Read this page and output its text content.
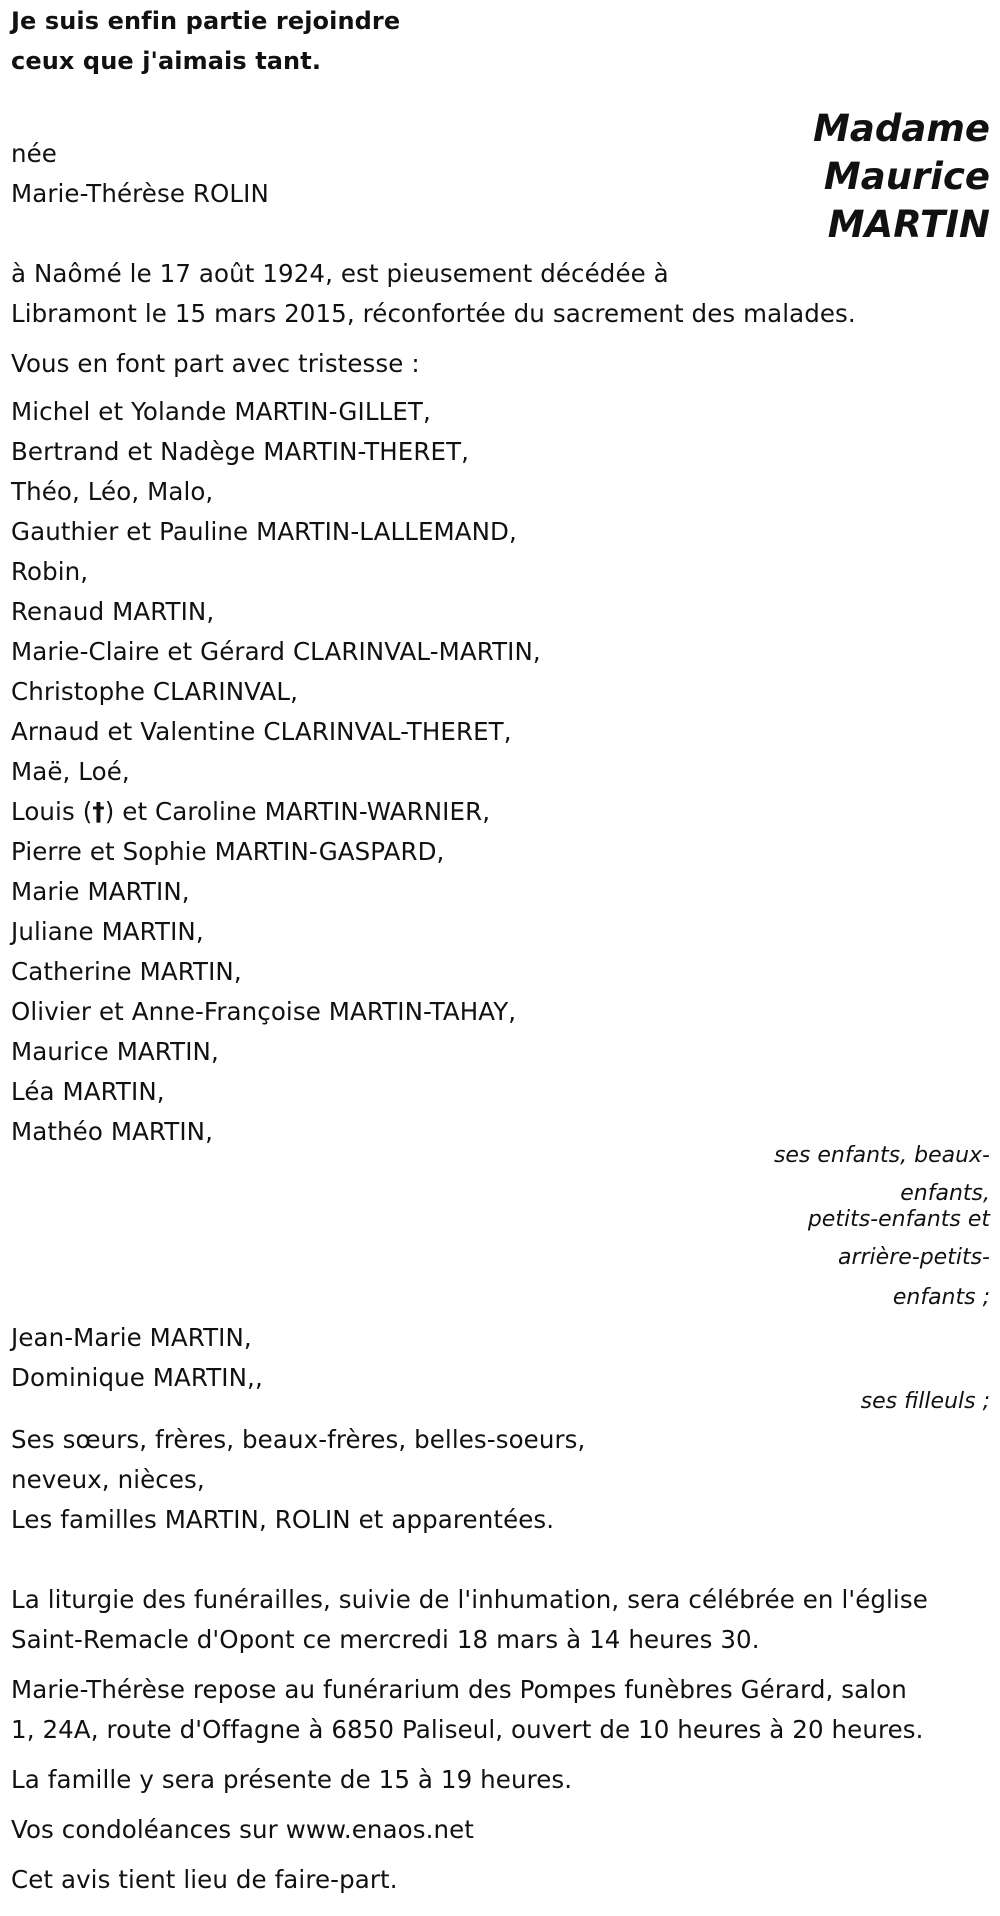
Je suis enfin partie rejoindre

ceux que j'aimais tant.

Madame

Maurice

MARTIN

née

Marie-Thérèse ROLIN

à Naômé le 17 août 1924, est pieusement décédée à

Libramont le 15 mars 2015, réconfortée du sacrement des malades.

Vous en font part avec tristesse :

Michel et Yolande MARTIN-GILLET,

Bertrand et Nadège MARTIN-THERET,

Théo, Léo, Malo,

Gauthier et Pauline MARTIN-LALLEMAND,

Robin,

Renaud MARTIN,

Marie-Claire et Gérard CLARINVAL-MARTIN,

Christophe CLARINVAL,

Arnaud et Valentine CLARINVAL-THERET,

Maë, Loé,

Louis (†) et Caroline MARTIN-WARNIER,

Pierre et Sophie MARTIN-GASPARD,

Marie MARTIN,

Juliane MARTIN,

Catherine MARTIN,

Olivier et Anne-Françoise MARTIN-TAHAY,

Maurice MARTIN,

Léa MARTIN,

Mathéo MARTIN,

ses enfants, beaux-

enfants,

petits-enfants et

arrière-petits-

enfants ;

Jean-Marie MARTIN,

Dominique MARTIN,,

ses filleuls ;

Ses sœurs, frères, beaux-frères, belles-soeurs,

neveux, nièces,

Les familles MARTIN, ROLIN et apparentées.

La liturgie des funérailles, suivie de l'inhumation, sera célébrée en l'église

Saint-Remacle d'Opont ce mercredi 18 mars à 14 heures 30.

Marie-Thérèse repose au funérarium des Pompes funèbres Gérard, salon

1, 24A, route d'Offagne à 6850 Paliseul, ouvert de 10 heures à 20 heures.

La famille y sera présente de 15 à 19 heures.

Vos condoléances sur www.enaos.net

Cet avis tient lieu de faire-part.
